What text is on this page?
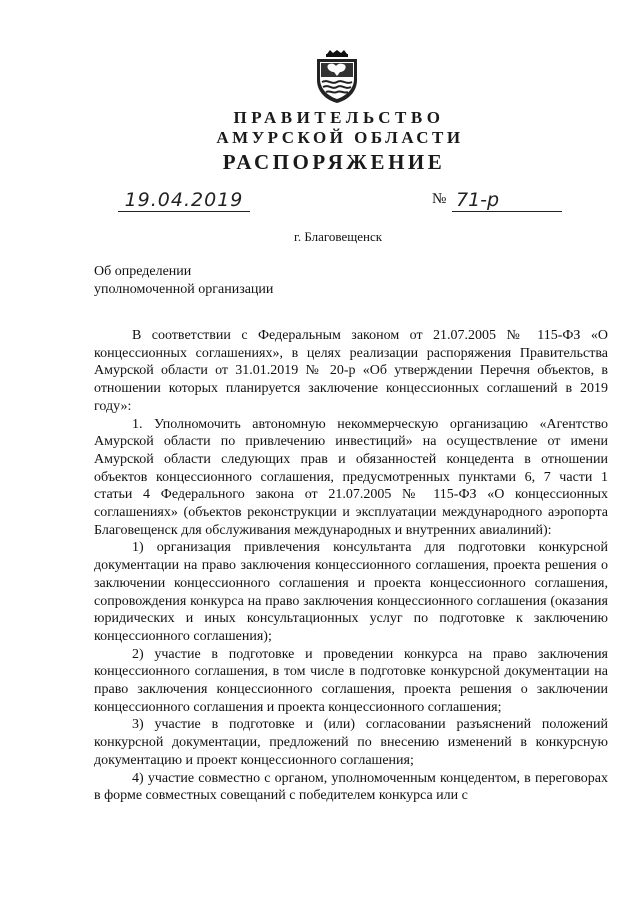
ПРАВИТЕЛЬСТВО
АМУРСКОЙ ОБЛАСТИ
РАСПОРЯЖЕНИЕ
19.04.2019	№ 71-р
г. Благовещенск
Об определении
уполномоченной организации

В соответствии с Федеральным законом от 21.07.2005 № 115-ФЗ «О концессионных соглашениях», в целях реализации распоряжения Правительства Амурской области от 31.01.2019 № 20-р «Об утверждении Перечня объектов, в отношении которых планируется заключение концессионных соглашений в 2019 году»:

1. Уполномочить автономную некоммерческую организацию «Агентство Амурской области по привлечению инвестиций» на осуществление от имени Амурской области следующих прав и обязанностей концедента в отношении объектов концессионного соглашения, предусмотренных пунктами 6, 7 части 1 статьи 4 Федерального закона от 21.07.2005 № 115-ФЗ «О концессионных соглашениях» (объектов реконструкции и эксплуатации международного аэропорта Благовещенск для обслуживания международных и внутренних авиалиний):

1) организация привлечения консультанта для подготовки конкурсной документации на право заключения концессионного соглашения, проекта решения о заключении концессионного соглашения и проекта концессионного соглашения, сопровождения конкурса на право заключения концессионного соглашения (оказания юридических и иных консультационных услуг по подготовке к заключению концессионного соглашения);

2) участие в подготовке и проведении конкурса на право заключения концессионного соглашения, в том числе в подготовке конкурсной документации на право заключения концессионного соглашения, проекта решения о заключении концессионного соглашения и проекта концессионного соглашения;

3) участие в подготовке и (или) согласовании разъяснений положений конкурсной документации, предложений по внесению изменений в конкурсную документацию и проект концессионного соглашения;

4) участие совместно с органом, уполномоченным концедентом, в переговорах в форме совместных совещаний с победителем конкурса или с
